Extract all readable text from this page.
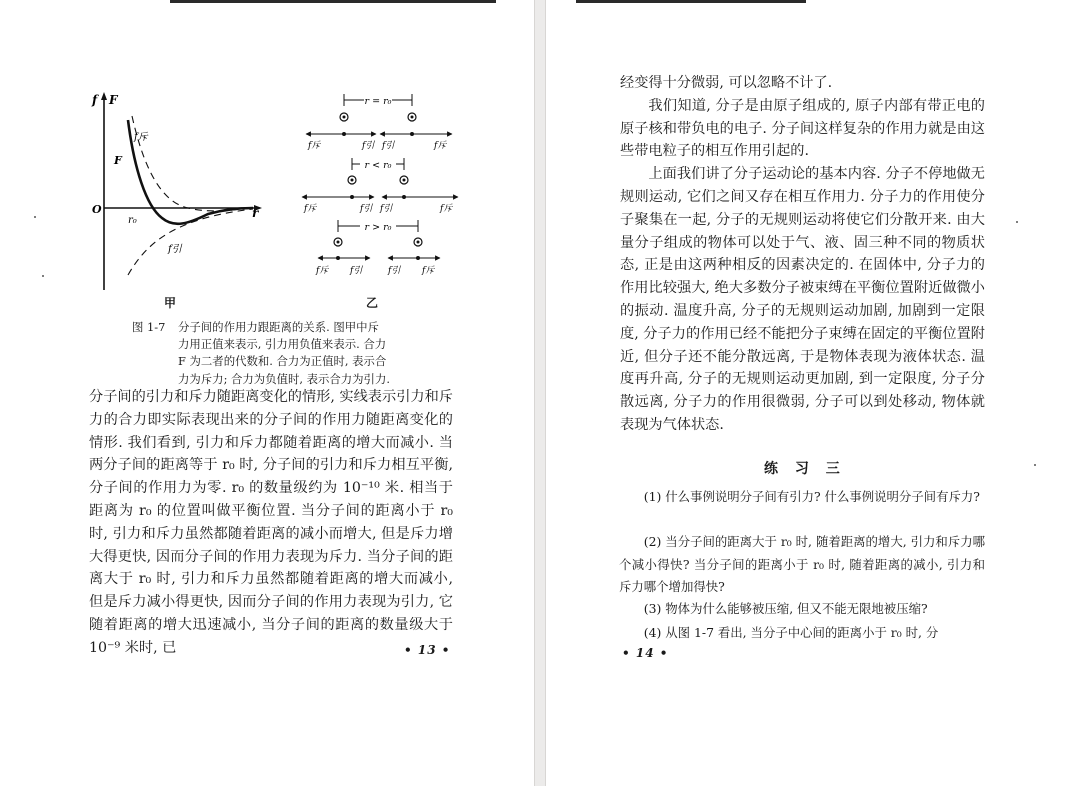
f F
O	r
r₀
f斥
f引
F
r = r₀
f斥	f引 f引	f斥
r < r₀
f斥	f引 f引	f斥
r > r₀
f斥 f引	f引 f斥
甲	乙
图 1-7	分子间的作用力跟距离的关系. 图甲中斥
力用正值来表示, 引力用负值来表示. 合力
F 为二者的代数和. 合力为正值时, 表示合
力为斥力; 合力为负值时, 表示合力为引力.

分子间的引力和斥力随距离变化的情形, 实线表示引力和斥力的合力即实际表现出来的分子间的作用力随距离变化的情形. 我们看到, 引力和斥力都随着距离的增大而减小. 当两分子间的距离等于 r₀ 时, 分子间的引力和斥力相互平衡, 分子间的作用力为零. r₀ 的数量级约为 10⁻¹⁰ 米. 相当于距离为 r₀ 的位置叫做平衡位置. 当分子间的距离小于 r₀ 时, 引力和斥力虽然都随着距离的减小而增大, 但是斥力增大得更快, 因而分子间的作用力表现为斥力. 当分子间的距离大于 r₀ 时, 引力和斥力虽然都随着距离的增大而减小, 但是斥力减小得更快, 因而分子间的作用力表现为引力, 它随着距离的增大迅速减小, 当分子间的距离的数量级大于 10⁻⁹ 米时, 已	• 13 •

经变得十分微弱, 可以忽略不计了.

我们知道, 分子是由原子组成的, 原子内部有带正电的原子核和带负电的电子. 分子间这样复杂的作用力就是由这些带电粒子的相互作用引起的.

上面我们讲了分子运动论的基本内容. 分子不停地做无规则运动, 它们之间又存在相互作用力. 分子力的作用使分子聚集在一起, 分子的无规则运动将使它们分散开来. 由大量分子组成的物体可以处于气、液、固三种不同的物质状态, 正是由这两种相反的因素决定的. 在固体中, 分子力的作用比较强大, 绝大多数分子被束缚在平衡位置附近做微小的振动. 温度升高, 分子的无规则运动加剧, 加剧到一定限度, 分子力的作用已经不能把分子束缚在固定的平衡位置附近, 但分子还不能分散远离, 于是物体表现为液体状态. 温度再升高, 分子的无规则运动更加剧, 到一定限度, 分子分散远离, 分子力的作用很微弱, 分子可以到处移动, 物体就表现为气体状态.

练 习 三
(1) 什么事例说明分子间有引力? 什么事例说明分子间有斥力?
(2) 当分子间的距离大于 r₀ 时, 随着距离的增大, 引力和斥力哪个减小得快? 当分子间的距离小于 r₀ 时, 随着距离的减小, 引力和斥力哪个增加得快?
(3) 物体为什么能够被压缩, 但又不能无限地被压缩?
(4) 从图 1-7 看出, 当分子中心间的距离小于 r₀ 时, 分
• 14 •
